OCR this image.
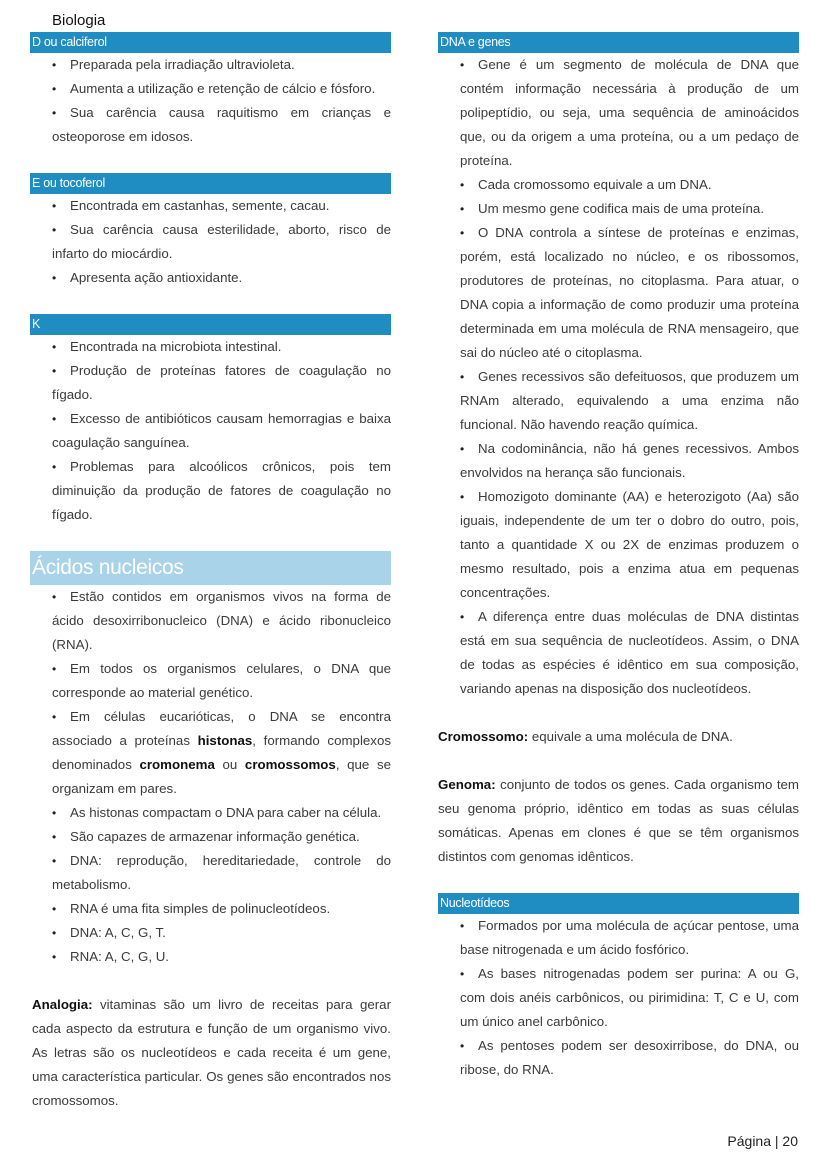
Biologia
D ou calciferol
• Preparada pela irradiação ultravioleta.
• Aumenta a utilização e retenção de cálcio e fósforo.
• Sua carência causa raquitismo em crianças e osteoporose em idosos.
E ou tocoferol
• Encontrada em castanhas, semente, cacau.
• Sua carência causa esterilidade, aborto, risco de infarto do miocárdio.
• Apresenta ação antioxidante.
K
• Encontrada na microbiota intestinal.
• Produção de proteínas fatores de coagulação no fígado.
• Excesso de antibióticos causam hemorragias e baixa coagulação sanguínea.
• Problemas para alcoólicos crônicos, pois tem diminuição da produção de fatores de coagulação no fígado.
Ácidos nucleicos
• Estão contidos em organismos vivos na forma de ácido desoxirribonucleico (DNA) e ácido ribonucleico (RNA).
• Em todos os organismos celulares, o DNA que corresponde ao material genético.
• Em células eucarióticas, o DNA se encontra associado a proteínas histonas, formando complexos denominados cromonema ou cromossomos, que se organizam em pares.
• As histonas compactam o DNA para caber na célula.
• São capazes de armazenar informação genética.
• DNA: reprodução, hereditariedade, controle do metabolismo.
• RNA é uma fita simples de polinucleotídeos.
• DNA: A, C, G, T.
• RNA: A, C, G, U.
Analogia: vitaminas são um livro de receitas para gerar cada aspecto da estrutura e função de um organismo vivo. As letras são os nucleotídeos e cada receita é um gene, uma característica particular. Os genes são encontrados nos cromossomos.
DNA e genes
• Gene é um segmento de molécula de DNA que contém informação necessária à produção de um polipeptídio, ou seja, uma sequência de aminoácidos que, ou da origem a uma proteína, ou a um pedaço de proteína.
• Cada cromossomo equivale a um DNA.
• Um mesmo gene codifica mais de uma proteína.
• O DNA controla a síntese de proteínas e enzimas, porém, está localizado no núcleo, e os ribossomos, produtores de proteínas, no citoplasma. Para atuar, o DNA copia a informação de como produzir uma proteína determinada em uma molécula de RNA mensageiro, que sai do núcleo até o citoplasma.
• Genes recessivos são defeituosos, que produzem um RNAm alterado, equivalendo a uma enzima não funcional. Não havendo reação química.
• Na codominância, não há genes recessivos. Ambos envolvidos na herança são funcionais.
• Homozigoto dominante (AA) e heterozigoto (Aa) são iguais, independente de um ter o dobro do outro, pois, tanto a quantidade X ou 2X de enzimas produzem o mesmo resultado, pois a enzima atua em pequenas concentrações.
• A diferença entre duas moléculas de DNA distintas está em sua sequência de nucleotídeos. Assim, o DNA de todas as espécies é idêntico em sua composição, variando apenas na disposição dos nucleotídeos.
Cromossomo: equivale a uma molécula de DNA.
Genoma: conjunto de todos os genes. Cada organismo tem seu genoma próprio, idêntico em todas as suas células somáticas. Apenas em clones é que se têm organismos distintos com genomas idênticos.
Nucleotídeos
• Formados por uma molécula de açúcar pentose, uma base nitrogenada e um ácido fosfórico.
• As bases nitrogenadas podem ser purina: A ou G, com dois anéis carbônicos, ou pirimidina: T, C e U, com um único anel carbônico.
• As pentoses podem ser desoxirribose, do DNA, ou ribose, do RNA.
Página | 20
